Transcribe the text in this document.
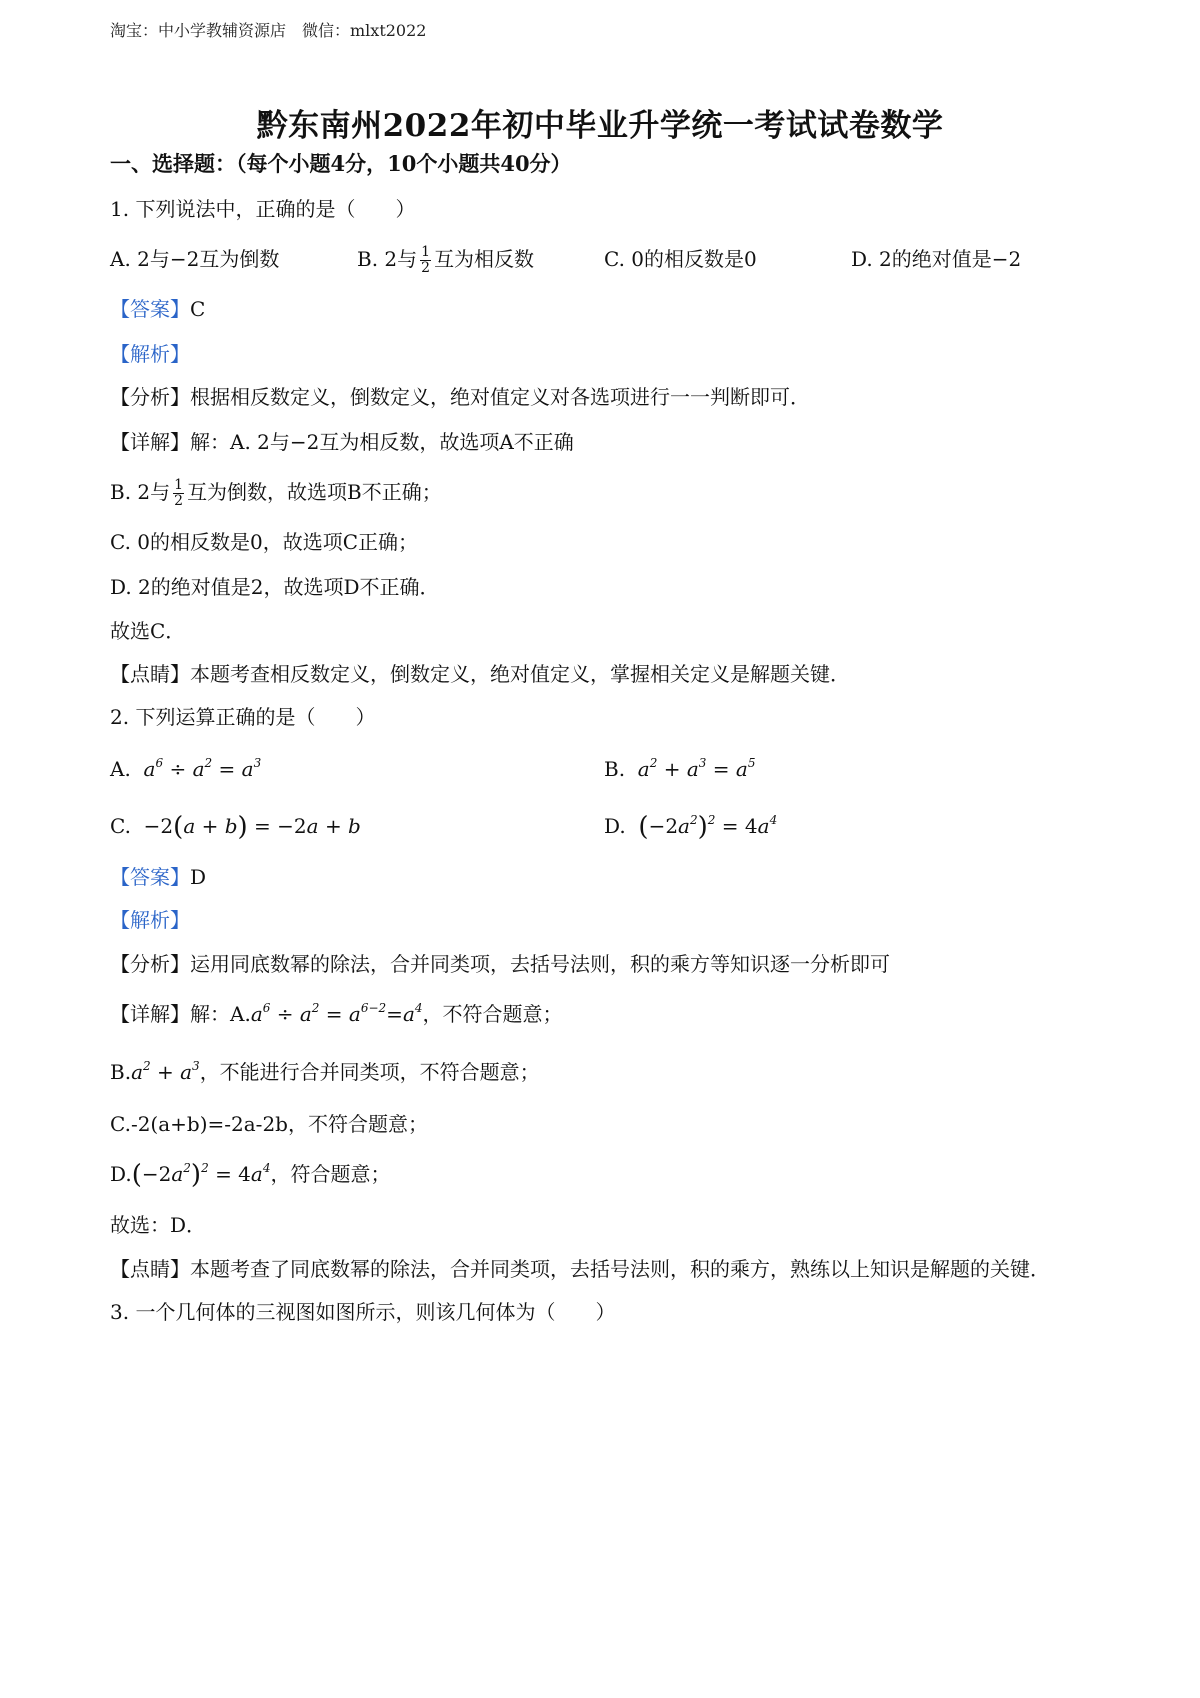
淘宝：中小学教辅资源店　微信：mlxt2022
黔东南州2022年初中毕业升学统一考试试卷数学
一、选择题：（每个小题4分，10个小题共40分）
1. 下列说法中，正确的是（　　）
A. 2与−2互为倒数	B. 2与 $\frac{1}{2}$ 互为相反数	C. 0的相反数是0	D. 2的绝对值是−2
【答案】C
【解析】
【分析】根据相反数定义，倒数定义，绝对值定义对各选项进行一一判断即可．
【详解】解：A. 2与−2互为相反数，故选项A不正确
B. 2与 $\frac{1}{2}$ 互为倒数，故选项B不正确；
C. 0的相反数是0，故选项C正确；
D. 2的绝对值是2，故选项D不正确．
故选C．
【点睛】本题考查相反数定义，倒数定义，绝对值定义，掌握相关定义是解题关键．
2. 下列运算正确的是（　　）
A. $a^6 \div a^2 = a^3$	B. $a^2 + a^3 = a^5$
C. −2(a + b) = −2a + b	D. $(-2a^2)^2 = 4a^4$
【答案】D
【解析】
【分析】运用同底数幂的除法，合并同类项，去括号法则，积的乘方等知识逐一分析即可
【详解】解：$A.a^6 \div a^2 = a^{6-2}=a^4$，不符合题意；
$B.a^2 + a^3$，不能进行合并同类项，不符合题意；
C.-2(a+b)=-2a-2b，不符合题意；
$D.(-2a^2)^2 = 4a^4$，符合题意；
故选：D．
【点睛】本题考查了同底数幂的除法，合并同类项，去括号法则，积的乘方，熟练以上知识是解题的关键．
3. 一个几何体的三视图如图所示，则该几何体为（　　）
